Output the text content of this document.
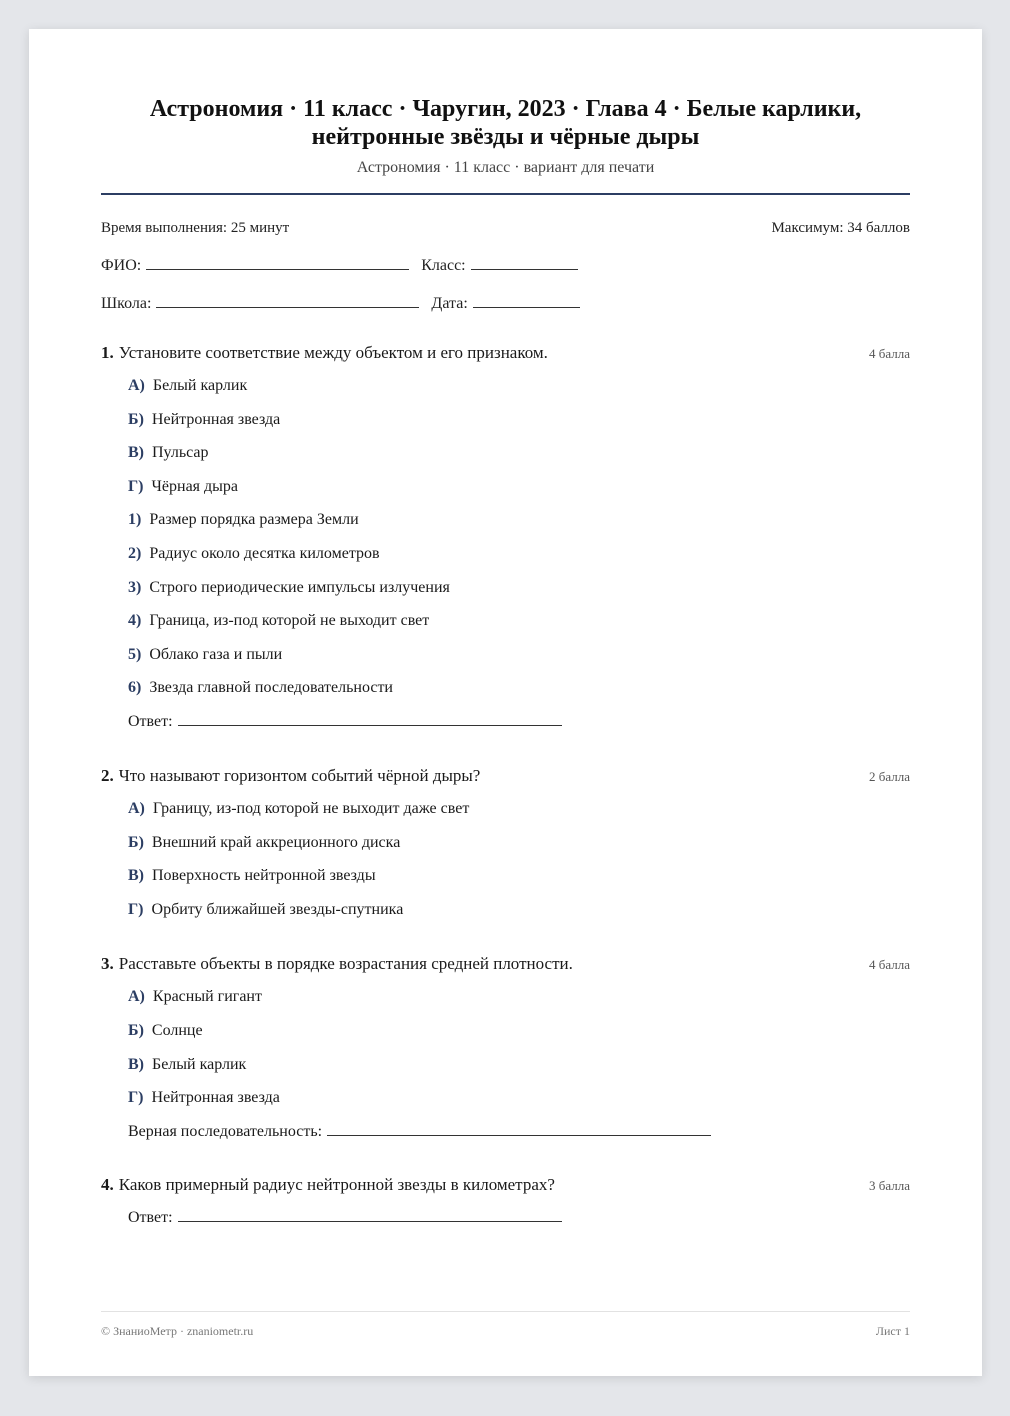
Астрономия · 11 класс · Чаругин, 2023 · Глава 4 · Белые карлики, нейтронные звёзды и чёрные дыры
Астрономия · 11 класс · вариант для печати
Время выполнения: 25 минут	Максимум: 34 баллов
ФИО:	Класс:
Школа:	Дата:
1. Установите соответствие между объектом и его признаком.	4 балла
А) Белый карлик
Б) Нейтронная звезда
В) Пульсар
Г) Чёрная дыра
1) Размер порядка размера Земли
2) Радиус около десятка километров
3) Строго периодические импульсы излучения
4) Граница, из-под которой не выходит свет
5) Облако газа и пыли
6) Звезда главной последовательности
Ответ:
2. Что называют горизонтом событий чёрной дыры?	2 балла
А) Границу, из-под которой не выходит даже свет
Б) Внешний край аккреционного диска
В) Поверхность нейтронной звезды
Г) Орбиту ближайшей звезды-спутника
3. Расставьте объекты в порядке возрастания средней плотности.	4 балла
А) Красный гигант
Б) Солнце
В) Белый карлик
Г) Нейтронная звезда
Верная последовательность:
4. Каков примерный радиус нейтронной звезды в километрах?	3 балла
Ответ:
© ЗнаниоМетр · znaniometr.ru	Лист 1
